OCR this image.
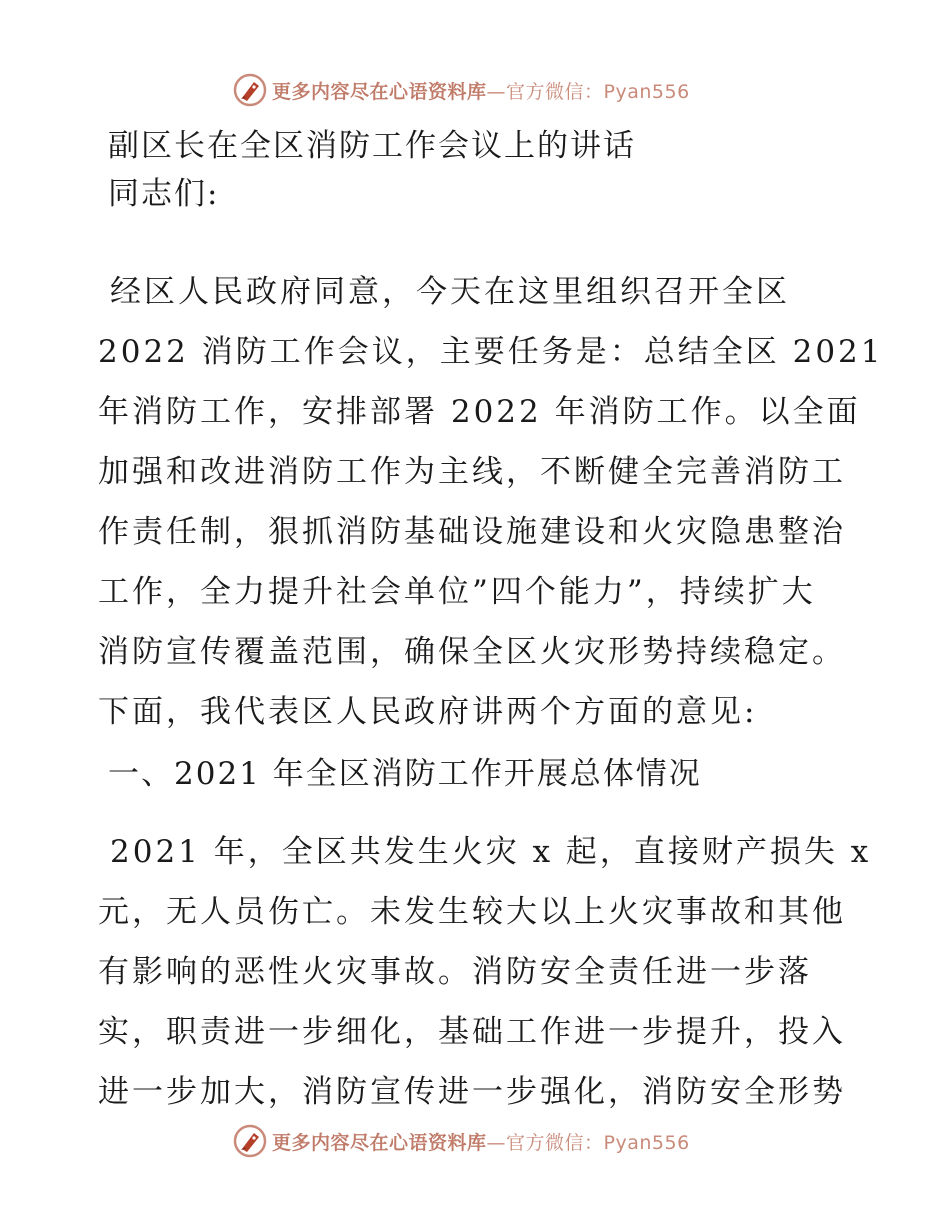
更多内容尽在心语资料库—官方微信：Pyan556
副区长在全区消防工作会议上的讲话
同志们:
经区人民政府同意，今天在这里组织召开全区
2022 消防工作会议，主要任务是：总结全区 2021
年消防工作，安排部署 2022 年消防工作。以全面
加强和改进消防工作为主线，不断健全完善消防工
作责任制，狠抓消防基础设施建设和火灾隐患整治
工作，全力提升社会单位”四个能力”，持续扩大
消防宣传覆盖范围，确保全区火灾形势持续稳定。
下面，我代表区人民政府讲两个方面的意见:
一、2021 年全区消防工作开展总体情况
2021 年，全区共发生火灾 x 起，直接财产损失 x
元，无人员伤亡。未发生较大以上火灾事故和其他
有影响的恶性火灾事故。消防安全责任进一步落
实，职责进一步细化，基础工作进一步提升，投入
进一步加大，消防宣传进一步强化，消防安全形势
更多内容尽在心语资料库—官方微信：Pyan556
